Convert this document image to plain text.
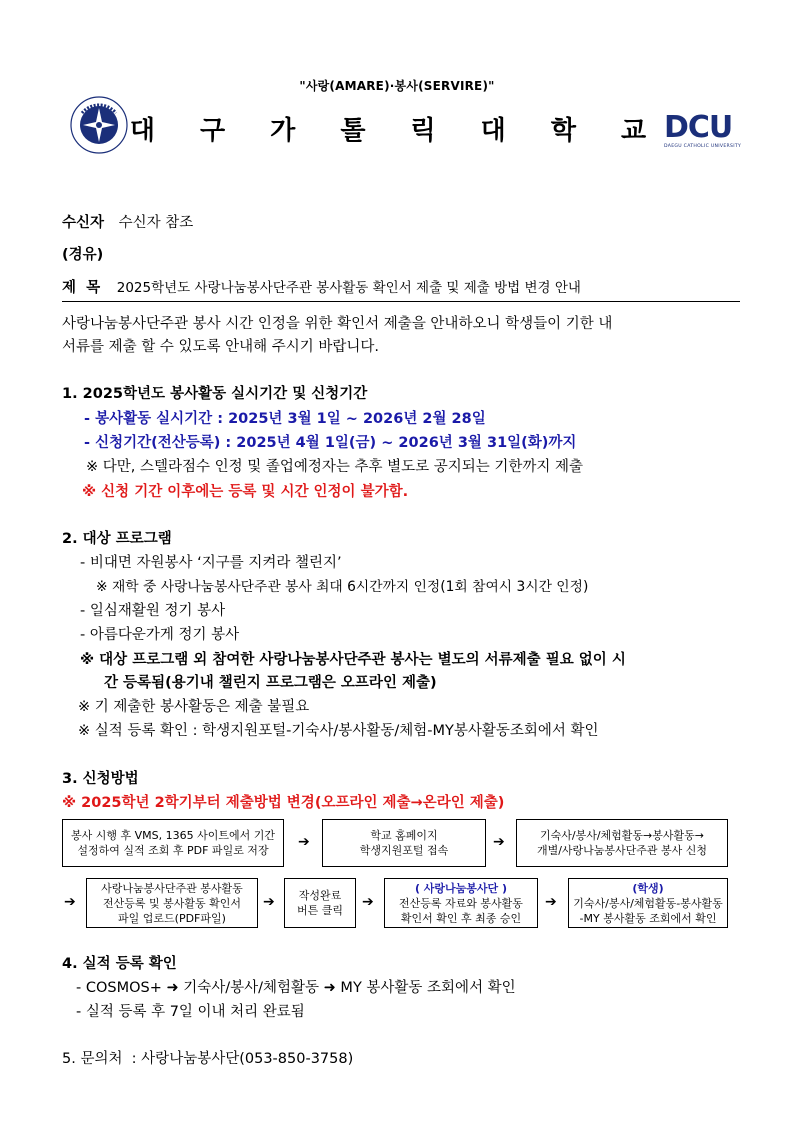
"사랑(AMARE)·봉사(SERVIRE)"
대 구 가 톨 릭 대 학 교 DCU
DAEGU CATHOLIC UNIVERSITY
수신자 수신자 참조
(경유)
제  목 2025학년도 사랑나눔봉사단주관 봉사활동 확인서 제출 및 제출 방법 변경 안내
사랑나눔봉사단주관 봉사 시간 인정을 위한 확인서 제출을 안내하오니 학생들이 기한 내
서류를 제출 할 수 있도록 안내해 주시기 바랍니다.
1. 2025학년도 봉사활동 실시기간 및 신청기간
- 봉사활동 실시기간 : 2025년 3월 1일 ~ 2026년 2월 28일
- 신청기간(전산등록) : 2025년 4월 1일(금) ~ 2026년 3월 31일(화)까지
※ 다만, 스텔라점수 인정 및 졸업예정자는 추후 별도로 공지되는 기한까지 제출
※ 신청 기간 이후에는 등록 및 시간 인정이 불가함.
2. 대상 프로그램
- 비대면 자원봉사 ‘지구를 지켜라 챌린지’
※ 재학 중 사랑나눔봉사단주관 봉사 최대 6시간까지 인정(1회 참여시 3시간 인정)
- 일심재활원 정기 봉사
- 아름다운가게 정기 봉사
※ 대상 프로그램 외 참여한 사랑나눔봉사단주관 봉사는 별도의 서류제출 필요 없이 시
간 등록됨(용기내 챌린지 프로그램은 오프라인 제출)
※ 기 제출한 봉사활동은 제출 불필요
※ 실적 등록 확인 : 학생지원포털-기숙사/봉사활동/체험-MY봉사활동조회에서 확인
3. 신청방법
※ 2025학년 2학기부터 제출방법 변경(오프라인 제출→온라인 제출)
봉사 시행 후 VMS, 1365 사이트에서 기간
설정하여 실적 조회 후 PDF 파일로 저장
➔	학교 홈페이지
학생지원포털 접속
➔	기숙사/봉사/체험활동→봉사활동→
개별/사랑나눔봉사단주관 봉사 신청
➔
사랑나눔봉사단주관 봉사활동
전산등록 및 봉사활동 확인서
파일 업로드(PDF파일)
➔ 작성완료
버튼 클릭
➔
( 사랑나눔봉사단 )
전산등록 자료와 봉사활동
확인서 확인 후 최종 승인
➔
(학생)
기숙사/봉사/체험활동-봉사활동
-MY 봉사활동 조회에서 확인
4. 실적 등록 확인
- COSMOS+ ➜ 기숙사/봉사/체험활동 ➜ MY 봉사활동 조회에서 확인
- 실적 등록 후 7일 이내 처리 완료됨
5. 문의처  : 사랑나눔봉사단(053-850-3758)
